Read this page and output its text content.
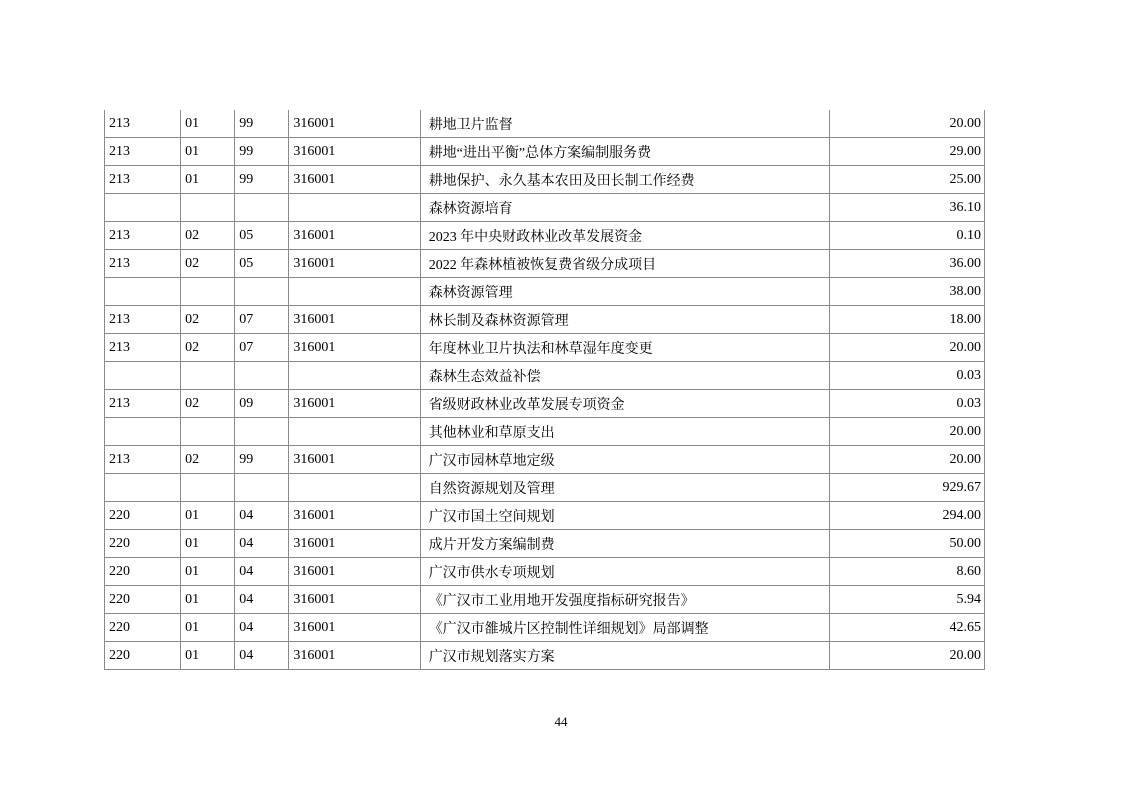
213	01	99	316001	耕地卫片监督	20.00
213	01	99	316001	耕地“进出平衡”总体方案编制服务费	29.00
213	01	99	316001	耕地保护、永久基本农田及田长制工作经费	25.00
				森林资源培育	36.10
213	02	05	316001	2023 年中央财政林业改革发展资金	0.10
213	02	05	316001	2022 年森林植被恢复费省级分成项目	36.00
				森林资源管理	38.00
213	02	07	316001	林长制及森林资源管理	18.00
213	02	07	316001	年度林业卫片执法和林草湿年度变更	20.00
				森林生态效益补偿	0.03
213	02	09	316001	省级财政林业改革发展专项资金	0.03
				其他林业和草原支出	20.00
213	02	99	316001	广汉市园林草地定级	20.00
				自然资源规划及管理	929.67
220	01	04	316001	广汉市国土空间规划	294.00
220	01	04	316001	成片开发方案编制费	50.00
220	01	04	316001	广汉市供水专项规划	8.60
220	01	04	316001	《广汉市工业用地开发强度指标研究报告》	5.94
220	01	04	316001	《广汉市雒城片区控制性详细规划》局部调整	42.65
220	01	04	316001	广汉市规划落实方案	20.00
44
